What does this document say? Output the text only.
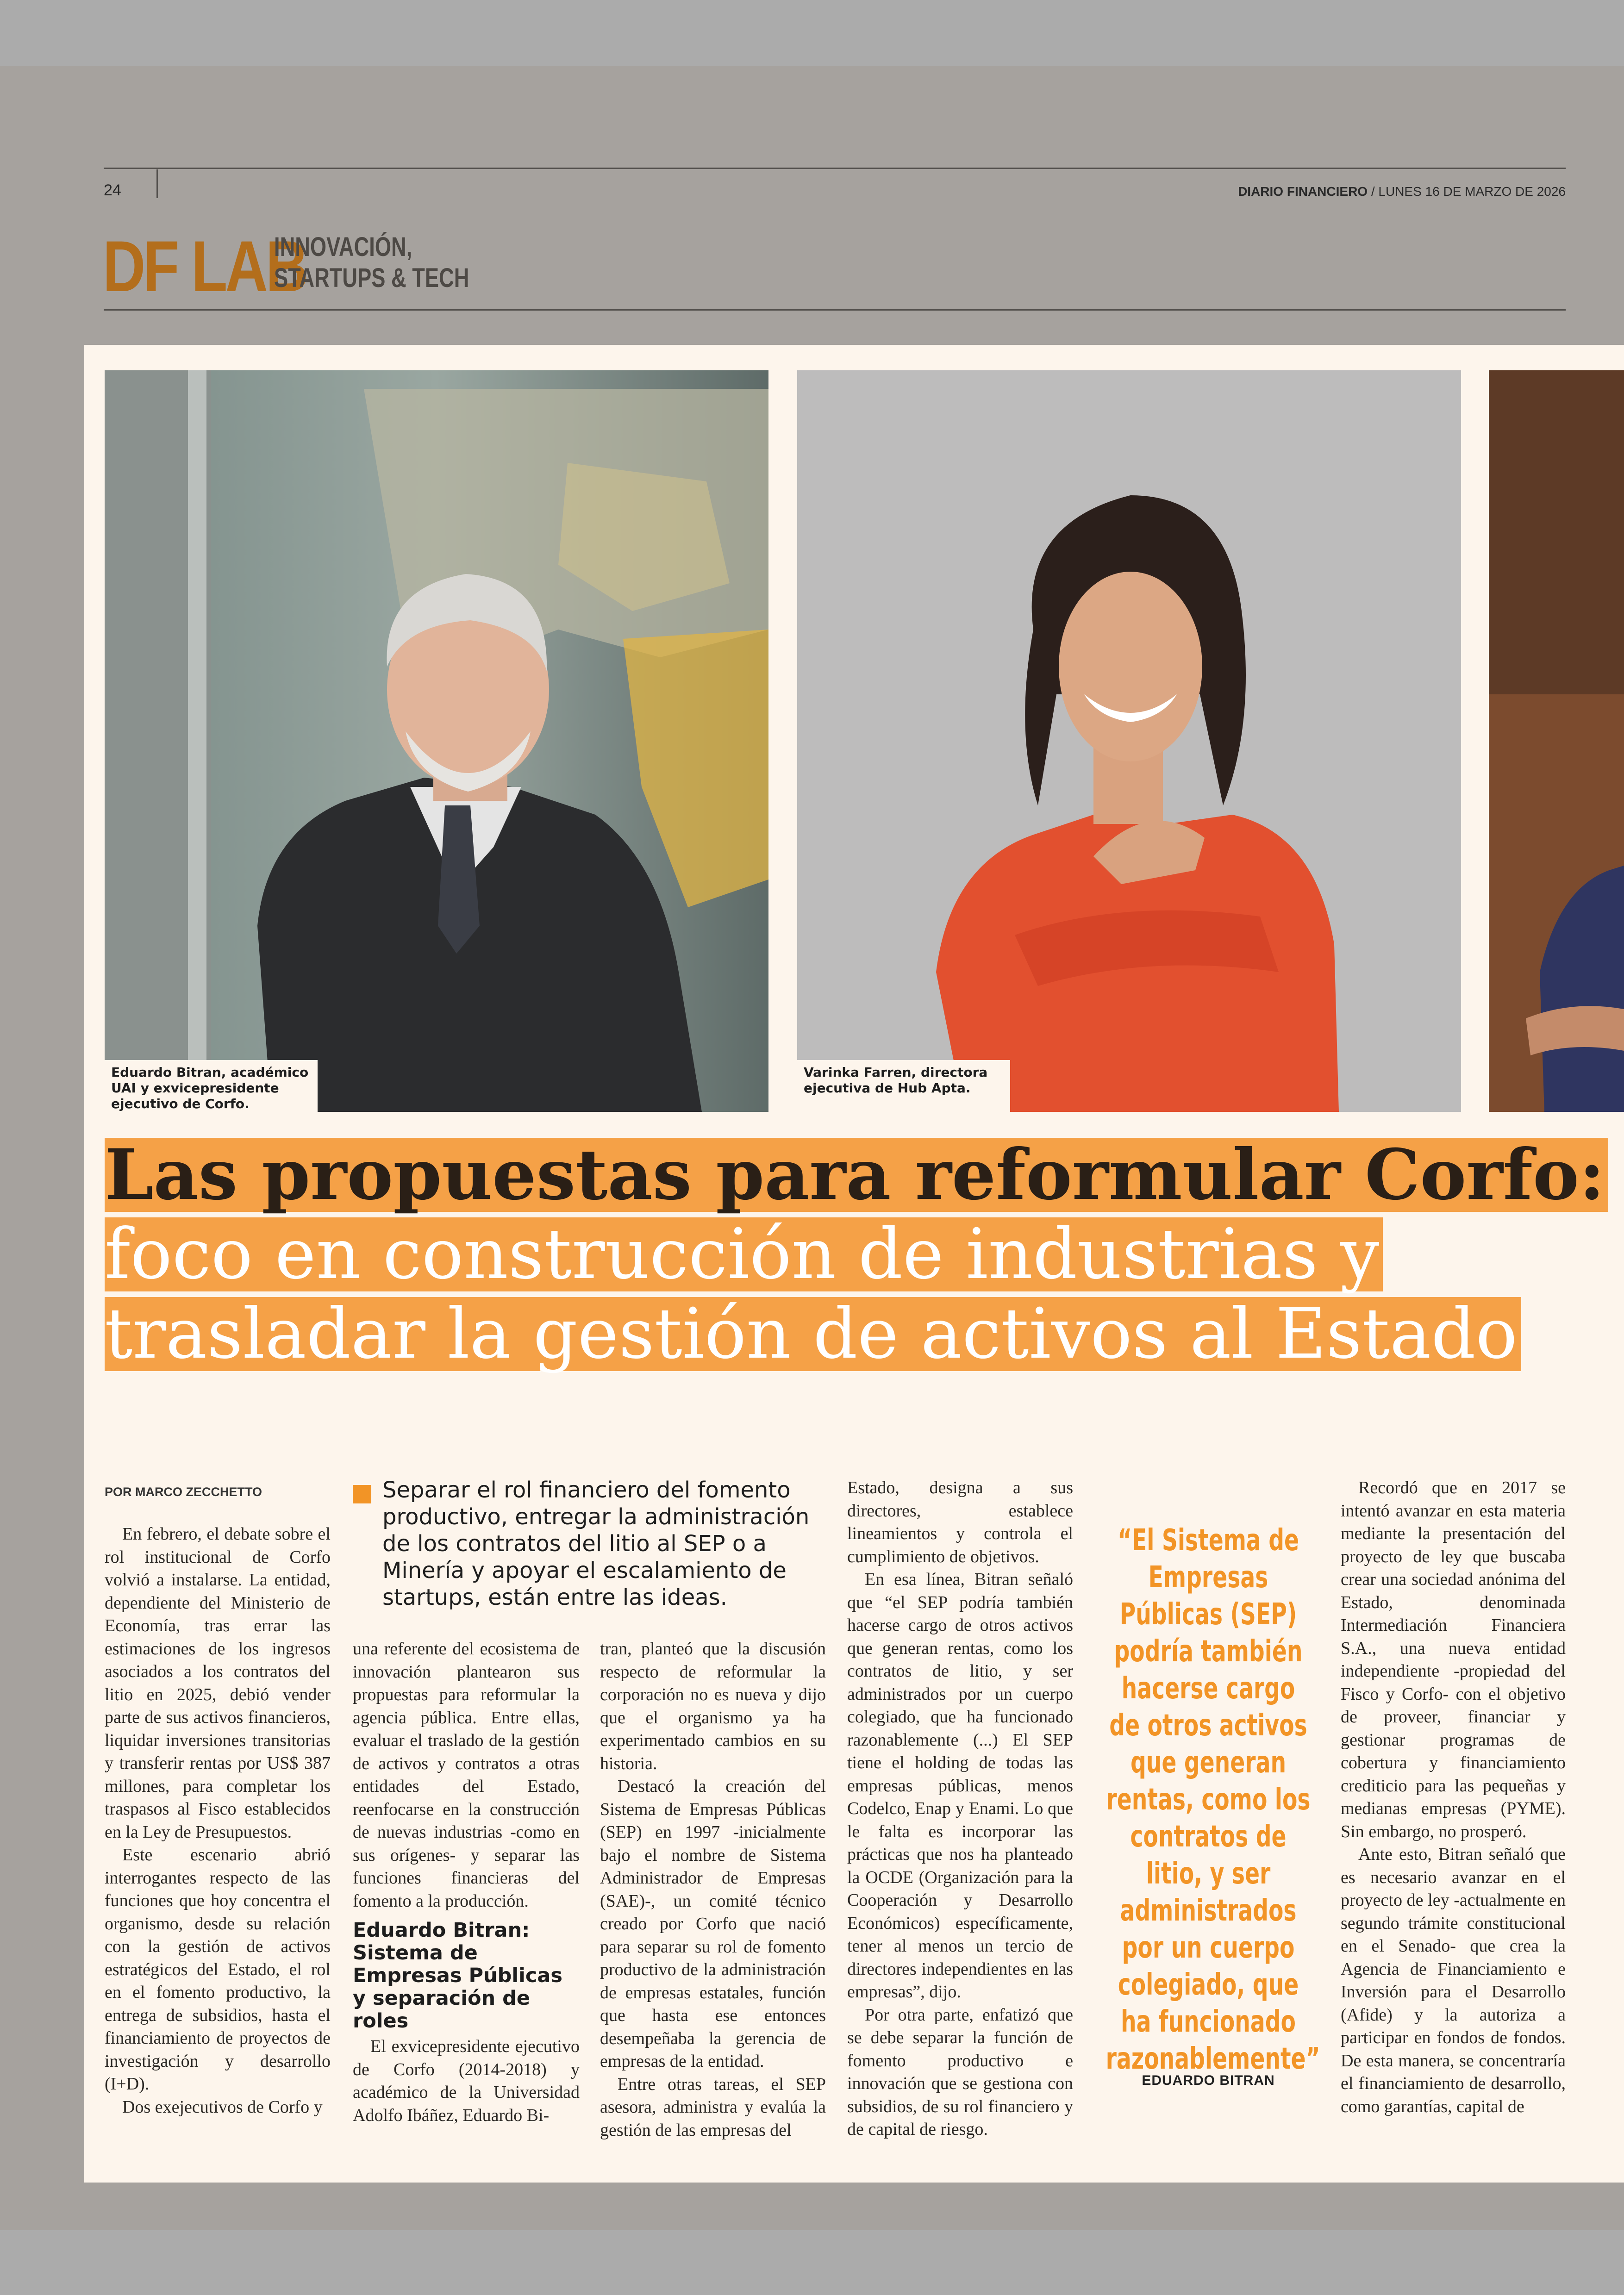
24	DIARIO FINANCIERO / LUNES 16 DE MARZO DE 2026
DF LAB
INNOVACIÓN,
STARTUPS & TECH
Eduardo Bitran, académico UAI y exvicepresidente ejecutivo de Corfo.
Varinka Farren, directora ejecutiva de Hub Apta.
Las propuestas para reformular Corfo:
foco en construcción de industrias y
trasladar la gestión de activos al Estado
POR MARCO ZECCHETTO

En febrero, el debate sobre el rol institucional de Corfo volvió a instalarse. La entidad, dependiente del Ministerio de Economía, tras errar las estimaciones de los ingresos asociados a los contratos del litio en 2025, debió vender parte de sus activos financieros, liquidar inversiones transitorias y transferir rentas por US$ 387 millones, para completar los traspasos al Fisco establecidos en la Ley de Presupuestos.

Este escenario abrió interrogantes respecto de las funciones que hoy concentra el organismo, desde su relación con la gestión de activos estratégicos del Estado, el rol en el fomento productivo, la entrega de subsidios, hasta el financiamiento de proyectos de investigación y desarrollo (I+D).

Dos exejecutivos de Corfo y

Separar el rol financiero del fomento productivo, entregar la administración de los contratos del litio al SEP o a Minería y apoyar el escalamiento de startups, están entre las ideas.

una referente del ecosistema de innovación plantearon sus propuestas para reformular la agencia pública. Entre ellas, evaluar el traslado de la gestión de activos y contratos a otras entidades del Estado, reenfocarse en la construcción de nuevas industrias -como en sus orígenes- y separar las funciones financieras del fomento a la producción.

Eduardo Bitran: Sistema de Empresas Públicas y separación de roles

El exvicepresidente ejecutivo de Corfo (2014-2018) y académico de la Universidad Adolfo Ibáñez, Eduardo Bi-

tran, planteó que la discusión respecto de reformular la corporación no es nueva y dijo que el organismo ya ha experimentado cambios en su historia.

Destacó la creación del Sistema de Empresas Públicas (SEP) en 1997 -inicialmente bajo el nombre de Sistema Administrador de Empresas (SAE)-, un comité técnico creado por Corfo que nació para separar su rol de fomento productivo de la administración de empresas estatales, función que hasta ese entonces desempeñaba la gerencia de empresas de la entidad.

Entre otras tareas, el SEP asesora, administra y evalúa la gestión de las empresas del

Estado, designa a sus directores, establece lineamientos y controla el cumplimiento de objetivos.

En esa línea, Bitran señaló que “el SEP podría también hacerse cargo de otros activos que generan rentas, como los contratos de litio, y ser administrados por un cuerpo colegiado, que ha funcionado razonablemente (...) El SEP tiene el holding de todas las empresas públicas, menos Codelco, Enap y Enami. Lo que le falta es incorporar las prácticas que nos ha planteado la OCDE (Organización para la Cooperación y Desarrollo Económicos) específicamente, tener al menos un tercio de directores independientes en las empresas”, dijo.

Por otra parte, enfatizó que se debe separar la función de fomento productivo e innovación que se gestiona con subsidios, de su rol financiero y de capital de riesgo.

“El Sistema de Empresas Públicas (SEP) podría también hacerse cargo de otros activos que generan rentas, como los contratos de litio, y ser administrados por un cuerpo colegiado, que ha funcionado razonablemente”
EDUARDO BITRAN

Recordó que en 2017 se intentó avanzar en esta materia mediante la presentación del proyecto de ley que buscaba crear una sociedad anónima del Estado, denominada Intermediación Financiera S.A., una nueva entidad independiente -propiedad del Fisco y Corfo- con el objetivo de proveer, financiar y gestionar programas de cobertura y financiamiento crediticio para las pequeñas y medianas empresas (PYME). Sin embargo, no prosperó.

Ante esto, Bitran señaló que es necesario avanzar en el proyecto de ley -actualmente en segundo trámite constitucional en el Senado- que crea la Agencia de Financiamiento e Inversión para el Desarrollo (Afide) y la autoriza a participar en fondos de fondos. De esta manera, se concentraría el financiamiento de desarrollo, como garantías, capital de
